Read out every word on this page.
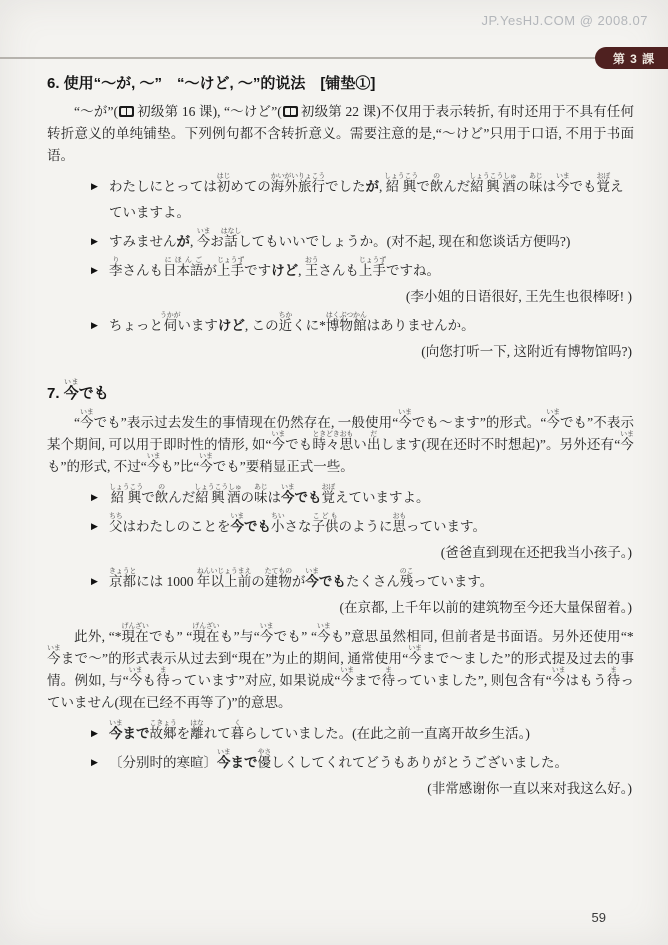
JP.YesHJ.COM @ 2008.07
第 3 課
6. 使用“～が, ～”　“～けど, ～”的说法　[铺垫①]
“～が”( 初级第 16 课), “～けど”( 初级第 22 课)不仅用于表示转折, 有时还用于不具有任何转折意义的单纯铺垫。下列例句都不含转折意义。需要注意的是,“～けど”只用于口语, 不用于书面语。
▶ わたしにとっては初はじめての海外旅行かいがいりょこうでしたが, 紹興しょうこうで飲のんだ紹興酒しょうこうしゅの味あじは今いまでも覚おぼえていますよ。
▶ すみませんが, 今いまお話はなししてもいいでしょうか。(对不起, 现在和您谈话方便吗?)
▶ 李りさんも日本語にほんごが上手じょうずですけど, 王おうさんも上手じょうずですね。
(李小姐的日语很好, 王先生也很棒呀! )
▶ ちょっと伺うかがいますけど, この近ちかくに*博物館はくぶつかんはありませんか。
(向您打听一下, 这附近有博物馆吗?)
7. 今いまでも
“今いまでも”表示过去发生的事情现在仍然存在, 一般使用“今いまでも～ます”的形式。“今いまでも”不表示某个期间, 可以用于即时性的情形, 如“今いまでも時々ときどき思おもい出だします(现在还时不时想起)”。另外还有“今いまも”的形式, 不过“今いまも”比“今いまでも”要稍显正式一些。
▶ 紹興しょうこうで飲のんだ紹興酒しょうこうしゅの味あじは今いまでも覚おぼえていますよ。
▶ 父ちちはわたしのことを今いまでも小ちいさな子供こどものように思おもっています。
(爸爸直到现在还把我当小孩子。)
▶ 京都きょうとには 1000 年以上前ねんいじょうまえの建物たてものが今いまでもたくさん残のこっています。
(在京都, 上千年以前的建筑物至今还大量保留着。)
此外, “*現在げんざいでも” “現在げんざいも”与“今いまでも” “今いまも”意思虽然相同, 但前者是书面语。另外还使用“*今いままで～”的形式表示从过去到“現在”为止的期间, 通常使用“今いままで～ました”的形式提及过去的事情。例如, 与“今いまも待まっています”对应, 如果说成“今いままで待まっていました”, 则包含有“今いまはもう待まっていません(现在已经不再等了)”的意思。
▶ 今いままで故郷こきょうを離はなれて暮くらしていました。(在此之前一直离开故乡生活。)
▶ 〔分别时的寒暄〕今いままで優やさしくしてくれてどうもありがとうございました。
(非常感谢你一直以来对我这么好。)
59
